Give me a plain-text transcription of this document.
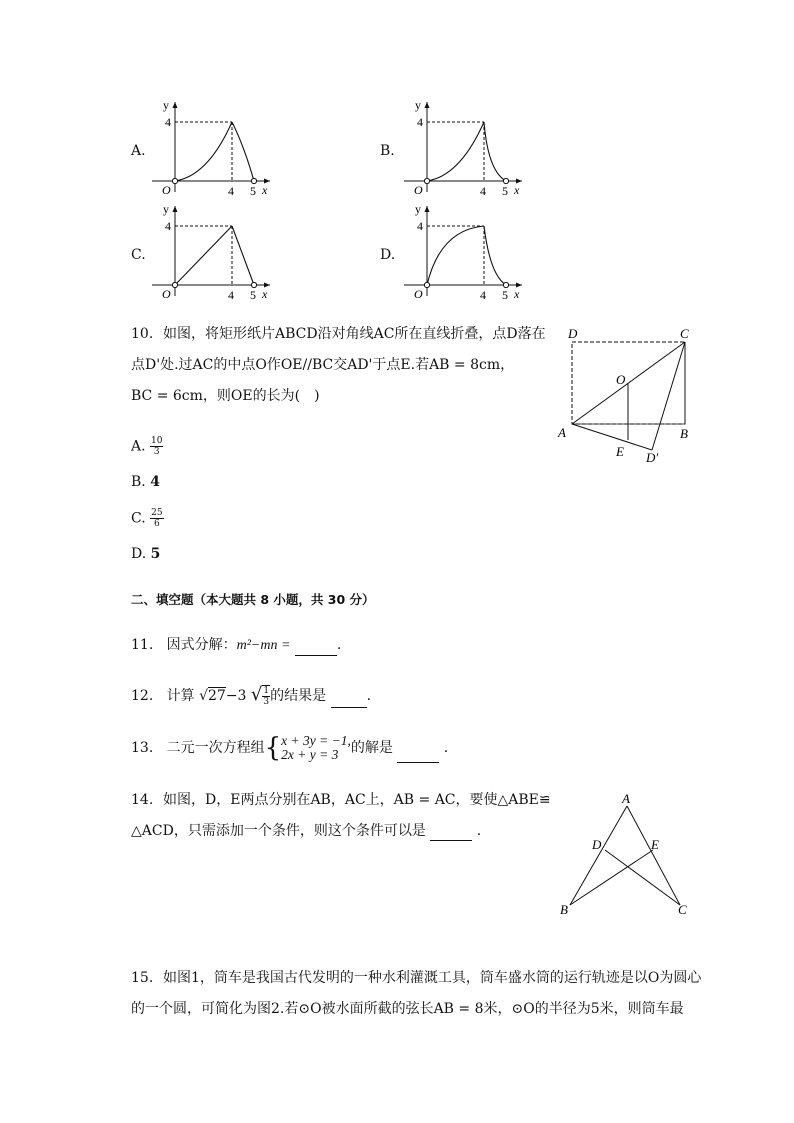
A.	B.
C.	D.
y
4
O	4 5 x
y
4
O	4 5 x
y
4
O	4 5 x
y
4
O	4 5 x
10. 如图，将矩形纸片ABCD沿对角线AC所在直线折叠，点D落在
点D'处.过AC的中点O作OE//BC交AD'于点E.若AB = 8cm，
BC = 6cm，则OE的长为(　)
A. $\frac{10}{3}$
B. 4
C. $\frac{25}{6}$
D. 5
D	C
O
A	B
E D′
二、填空题（本大题共 8 小题，共 30 分）
11. 因式分解：m²−mn =	.
12. 计算 √27−3 √ $\frac{1}{3}$ 的结果是	.
13. 二元一次方程组{ x + 3y = −1,
2x + y = 3 的解是	.
14. 如图，D，E两点分别在AB，AC上，AB = AC，要使△ABE≌
△ACD，只需添加一个条件，则这个条件可以是	.
A
D	E
B	C
15. 如图1，筒车是我国古代发明的一种水利灌溉工具，筒车盛水筒的运行轨迹是以O为圆心
的一个圆，可简化为图2.若⊙O被水面所截的弦长AB = 8米，⊙O的半径为5米，则筒车最
